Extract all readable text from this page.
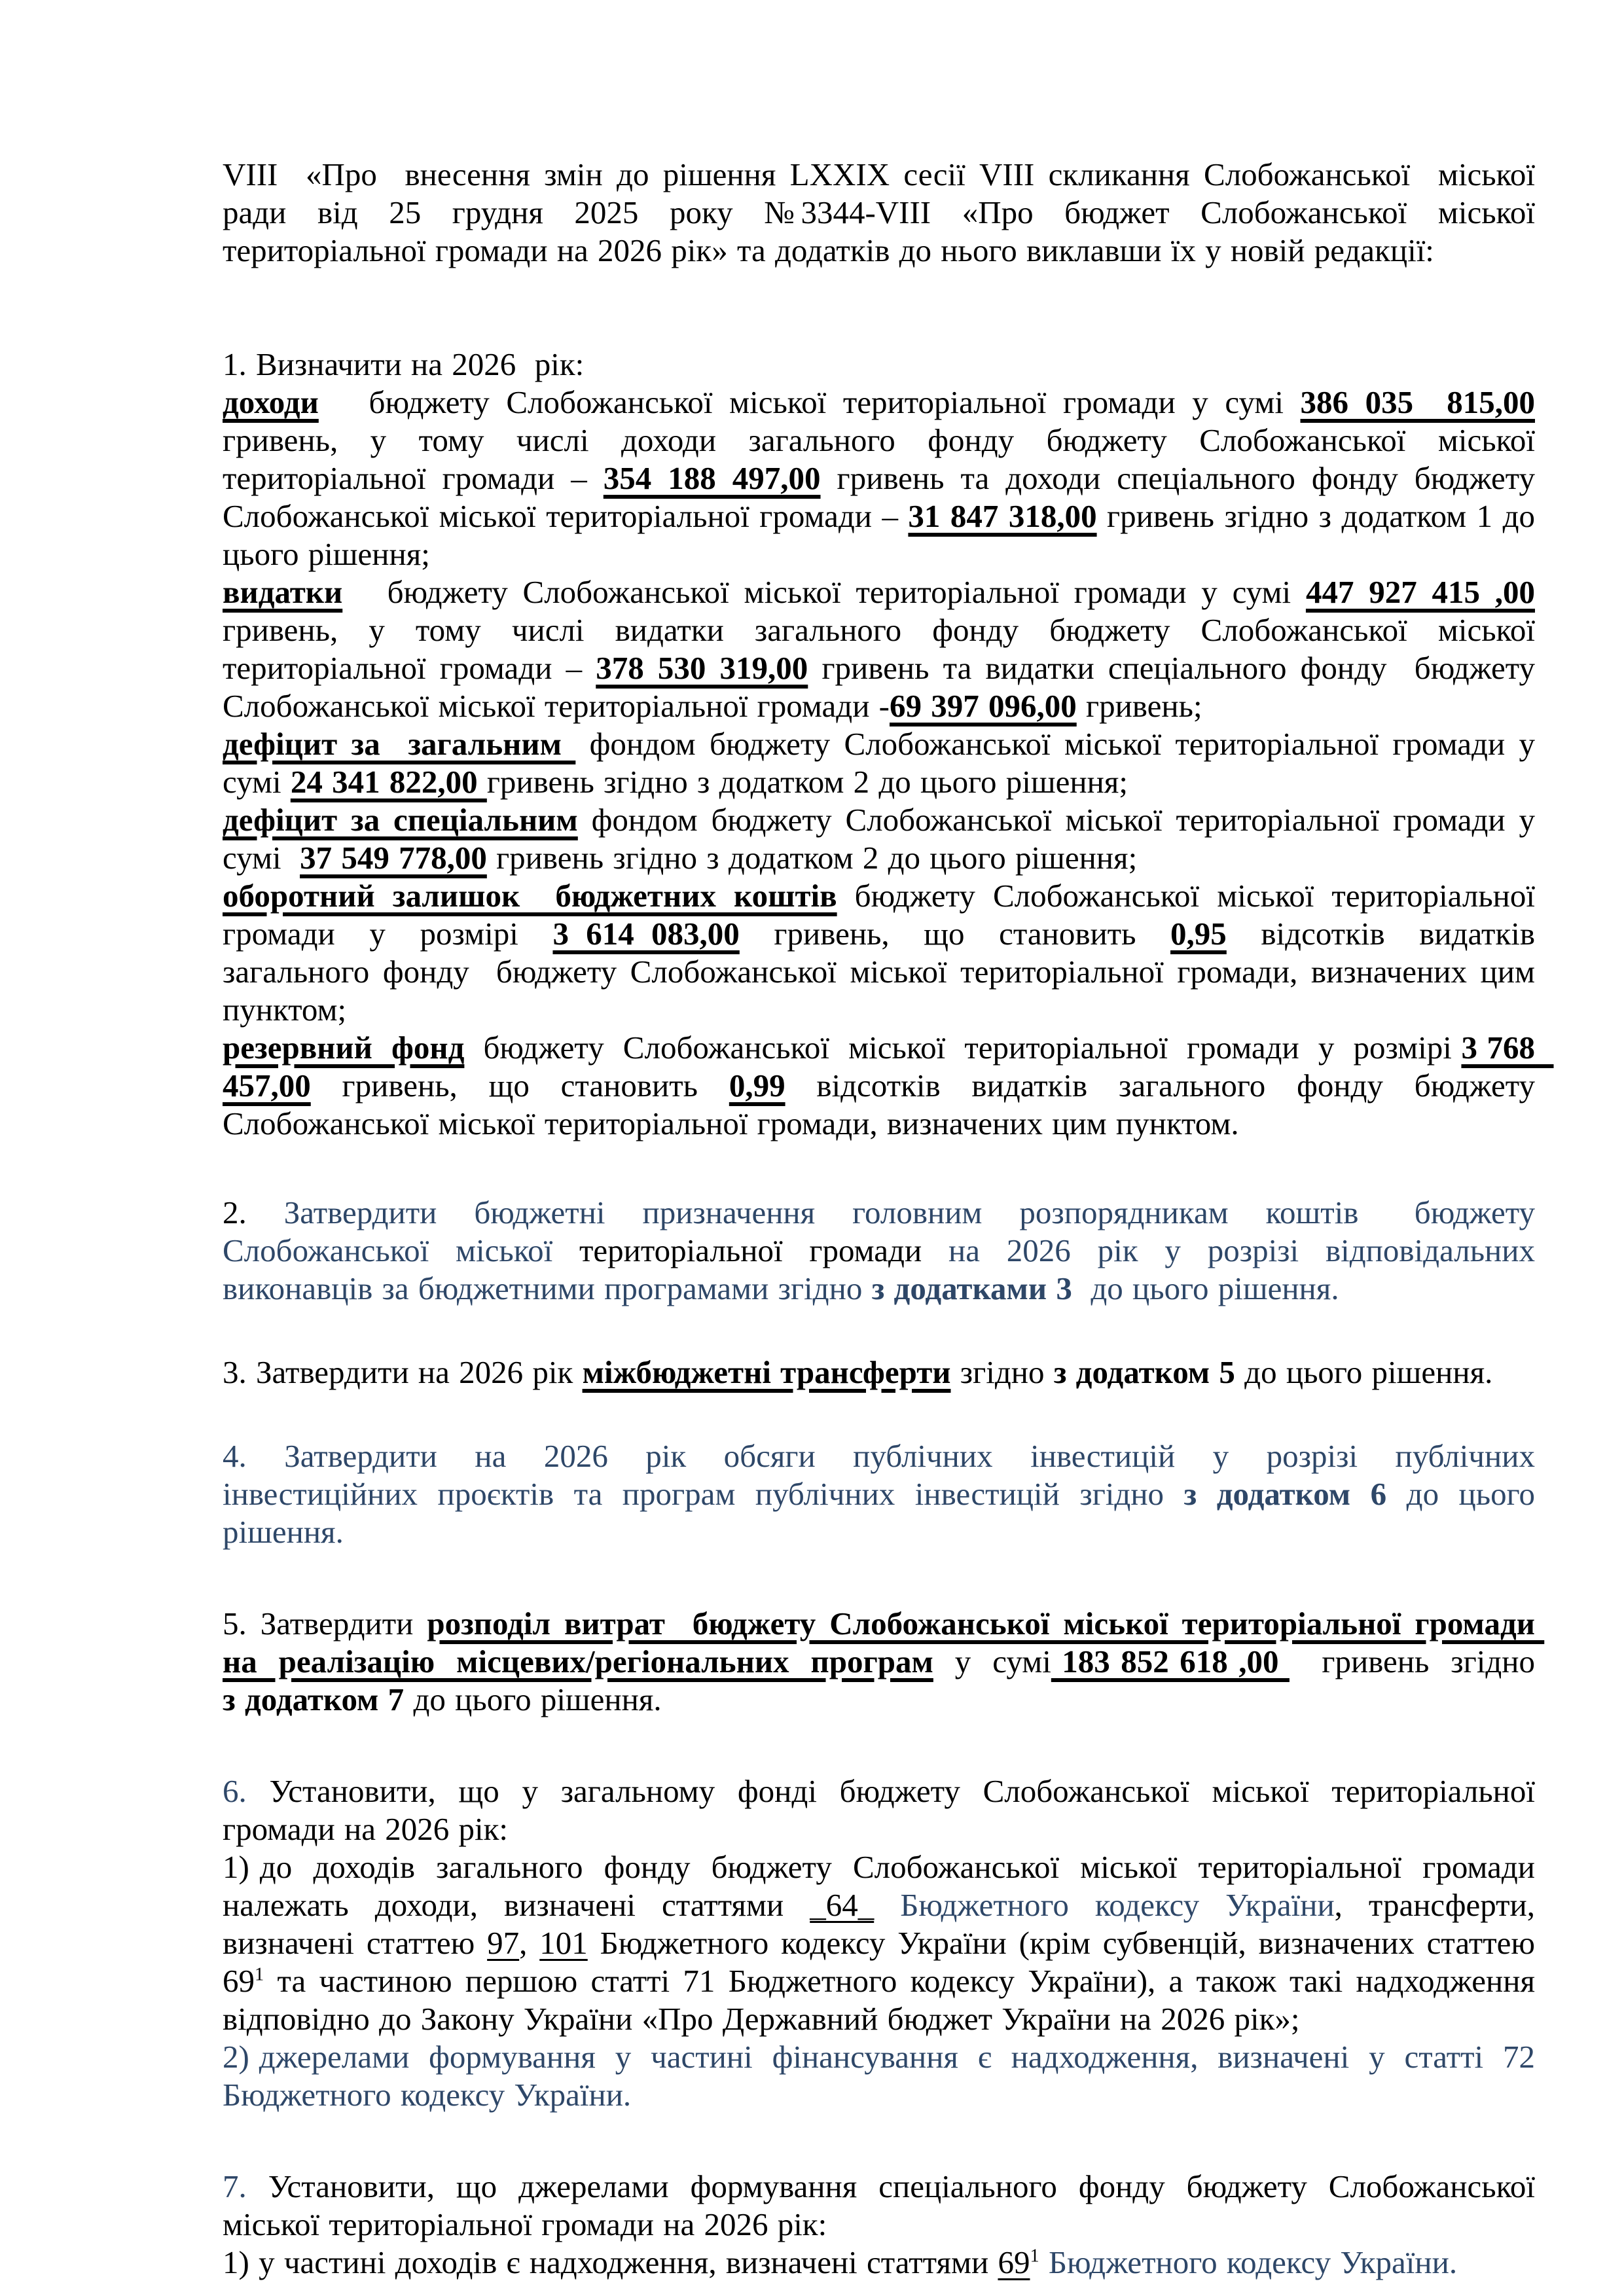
VIII  «Про  внесення змін до рішення LXXIX сесії VIII скликання Слобожанської  міської ради  від  25  грудня  2025  року  №3344-VIII  «Про  бюджет  Слобожанської  міської територіальної громади на 2026 рік» та додатків до нього виклавши їх у новій редакції:

1. Визначити на 2026  рік:

доходи   бюджету Слобожанської міської територіальної громади у сумі 386 035  815,00 гривень, у тому числі доходи загального фонду бюджету Слобожанської міської територіальної громади – 354 188 497,00 гривень та доходи спеціального фонду бюджету Слобожанської міської територіальної громади – 31 847 318,00 гривень згідно з додатком 1 до цього рішення;

видатки   бюджету Слобожанської міської територіальної громади у сумі 447 927 415 ,00 гривень, у тому числі видатки загального фонду бюджету Слобожанської міської територіальної громади – 378 530 319,00 гривень та видатки спеціального фонду  бюджету Слобожанської міської територіальної громади -69 397 096,00 гривень;

дефіцит за  загальним  фондом бюджету Слобожанської міської територіальної громади у сумі 24 341 822,00 гривень згідно з додатком 2 до цього рішення;

дефіцит за спеціальним фондом бюджету Слобожанської міської територіальної громади у сумі  37 549 778,00 гривень згідно з додатком 2 до цього рішення;

оборотний залишок  бюджетних коштів бюджету Слобожанської міської територіальної громади  у  розмірі  3 614 083,00  гривень,  що  становить  0,95  відсотків  видатків  загального фонду  бюджету Слобожанської міської територіальної громади, визначених цим пунктом;

резервний  фонд  бюджету  Слобожанської  міської  територіальної  громади  у  розмірі 3 768  457,00  гривень,  що  становить  0,99  відсотків  видатків  загального  фонду  бюджету Слобожанської міської територіальної громади, визначених цим пунктом.

2.  Затвердити  бюджетні  призначення  головним  розпорядникам  коштів   бюджету Слобожанської  міської  територіальної  громади  на  2026  рік  у  розрізі  відповідальних виконавців за бюджетними програмами згідно з додатками 3  до цього рішення.

3. Затвердити на 2026 рік міжбюджетні трансферти згідно з додатком 5 до цього рішення.

4.  Затвердити  на  2026  рік  обсяги  публічних  інвестицій  у  розрізі  публічних  інвестиційних проєктів та програм публічних інвестицій згідно з додатком 6 до цього рішення.

5. Затвердити розподіл витрат  бюджету Слобожанської міської територіальної громади на  реалізацію  місцевих/регіональних  програм  у  сумі 183 852 618 ,00    гривень  згідно  з додатком 7 до цього рішення.

6.  Установити,  що  у  загальному  фонді  бюджету  Слобожанської  міської  територіальної громади на 2026 рік:

1) до  доходів  загального  фонду  бюджету  Слобожанської  міської  територіальної  громади належать  доходи,  визначені  статтями  _64_ Бюджетного  кодексу  України,  трансферти, визначені статтею 97, 101 Бюджетного кодексу України (крім субвенцій, визначених статтею $69^1$ та частиною першою статті 71 Бюджетного кодексу України), а також такі надходження відповідно до Закону України «Про Державний бюджет України на 2026 рік»;

2) джерелами  формування  у  частині  фінансування  є  надходження,  визначені  у  статті  72 Бюджетного кодексу України.

7.  Установити,  що  джерелами  формування  спеціального  фонду  бюджету  Слобожанської міської територіальної громади на 2026 рік:

1) у частині доходів є надходження, визначені статтями $69^1$ Бюджетного кодексу України.
